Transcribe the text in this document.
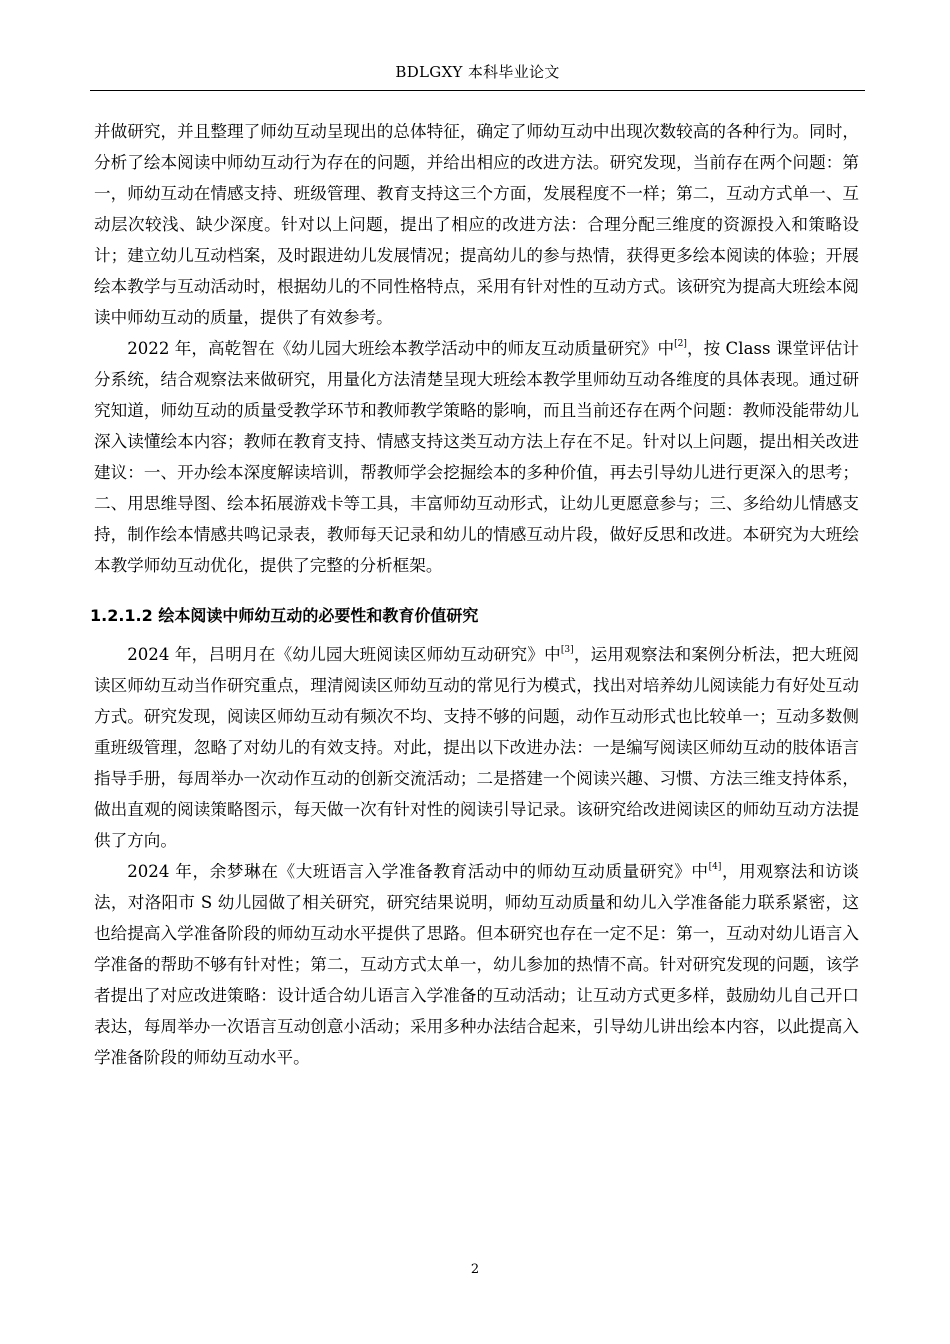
BDLGXY 本科毕业论文

并做研究，并且整理了师幼互动呈现出的总体特征，确定了师幼互动中出现次数较高的各种行为。同时，分析了绘本阅读中师幼互动行为存在的问题，并给出相应的改进方法。研究发现，当前存在两个问题：第一，师幼互动在情感支持、班级管理、教育支持这三个方面，发展程度不一样；第二，互动方式单一、互动层次较浅、缺少深度。针对以上问题，提出了相应的改进方法：合理分配三维度的资源投入和策略设计；建立幼儿互动档案，及时跟进幼儿发展情况；提高幼儿的参与热情，获得更多绘本阅读的体验；开展绘本教学与互动活动时，根据幼儿的不同性格特点，采用有针对性的互动方式。该研究为提高大班绘本阅读中师幼互动的质量，提供了有效参考。

2022 年，高乾智在《幼儿园大班绘本教学活动中的师友互动质量研究》中[2]，按 Class 课堂评估计分系统，结合观察法来做研究，用量化方法清楚呈现大班绘本教学里师幼互动各维度的具体表现。通过研究知道，师幼互动的质量受教学环节和教师教学策略的影响，而且当前还存在两个问题：教师没能带幼儿深入读懂绘本内容；教师在教育支持、情感支持这类互动方法上存在不足。针对以上问题，提出相关改进建议：一、开办绘本深度解读培训，帮教师学会挖掘绘本的多种价值，再去引导幼儿进行更深入的思考；二、用思维导图、绘本拓展游戏卡等工具，丰富师幼互动形式，让幼儿更愿意参与；三、多给幼儿情感支持，制作绘本情感共鸣记录表，教师每天记录和幼儿的情感互动片段，做好反思和改进。本研究为大班绘本教学师幼互动优化，提供了完整的分析框架。

1.2.1.2 绘本阅读中师幼互动的必要性和教育价值研究

2024 年，吕明月在《幼儿园大班阅读区师幼互动研究》中[3]，运用观察法和案例分析法，把大班阅读区师幼互动当作研究重点，理清阅读区师幼互动的常见行为模式，找出对培养幼儿阅读能力有好处互动方式。研究发现，阅读区师幼互动有频次不均、支持不够的问题，动作互动形式也比较单一；互动多数侧重班级管理，忽略了对幼儿的有效支持。对此，提出以下改进办法：一是编写阅读区师幼互动的肢体语言指导手册，每周举办一次动作互动的创新交流活动；二是搭建一个阅读兴趣、习惯、方法三维支持体系，做出直观的阅读策略图示，每天做一次有针对性的阅读引导记录。该研究给改进阅读区的师幼互动方法提供了方向。

2024 年，余梦琳在《大班语言入学准备教育活动中的师幼互动质量研究》中[4]，用观察法和访谈法，对洛阳市 S 幼儿园做了相关研究，研究结果说明，师幼互动质量和幼儿入学准备能力联系紧密，这也给提高入学准备阶段的师幼互动水平提供了思路。但本研究也存在一定不足：第一，互动对幼儿语言入学准备的帮助不够有针对性；第二，互动方式太单一，幼儿参加的热情不高。针对研究发现的问题，该学者提出了对应改进策略：设计适合幼儿语言入学准备的互动活动；让互动方式更多样，鼓励幼儿自己开口表达，每周举办一次语言互动创意小活动；采用多种办法结合起来，引导幼儿讲出绘本内容，以此提高入学准备阶段的师幼互动水平。

2
